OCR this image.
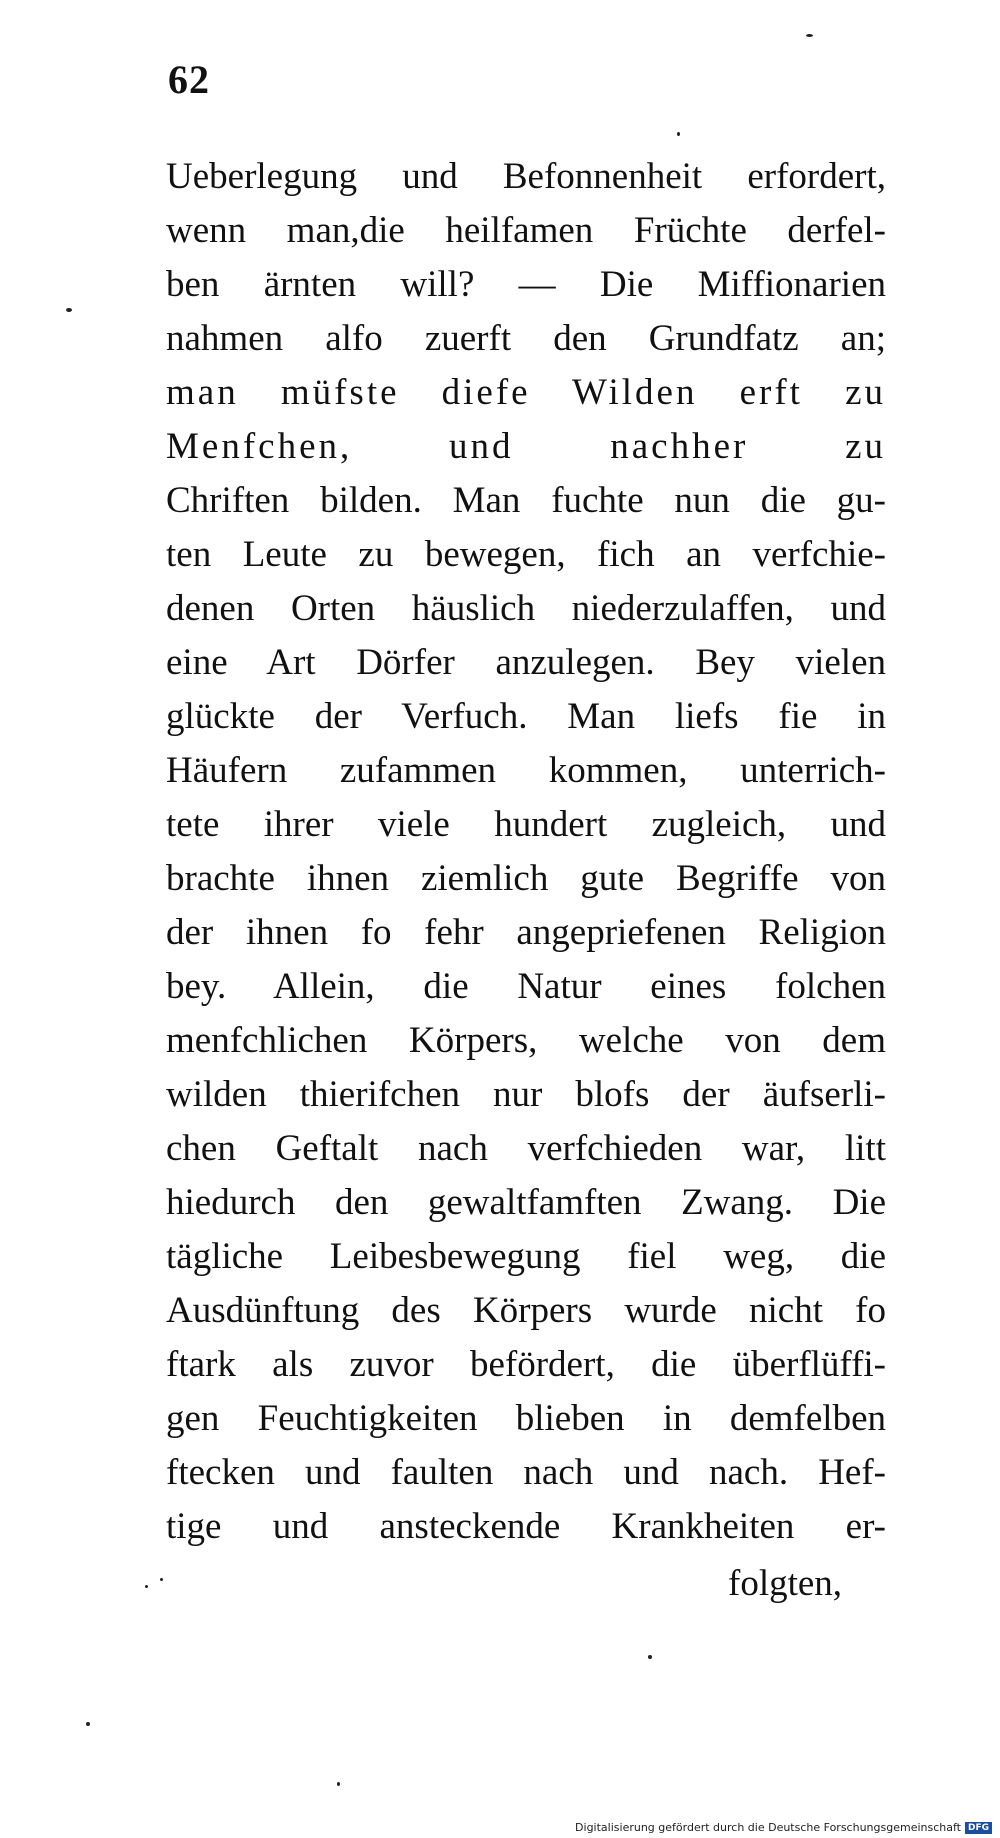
62
Ueberlegung und Befonnenheit erfordert,
wenn man,die heilfamen Früchte derfel-
ben ärnten will? — Die Miffionarien
nahmen alfo zuerft den Grundfatz an;
man müfste diefe Wilden erft zu
Menfchen, und nachher zu
Chriften bilden. Man fuchte nun die gu-
ten Leute zu bewegen, fich an verfchie-
denen Orten häuslich niederzulaffen, und
eine Art Dörfer anzulegen. Bey vielen
glückte der Verfuch. Man liefs fie in
Häufern zufammen kommen, unterrich-
tete ihrer viele hundert zugleich, und
brachte ihnen ziemlich gute Begriffe von
der ihnen fo fehr angepriefenen Religion
bey. Allein, die Natur eines folchen
menfchlichen Körpers, welche von dem
wilden thierifchen nur blofs der äufserli-
chen Geftalt nach verfchieden war, litt
hiedurch den gewaltfamften Zwang. Die
tägliche Leibesbewegung fiel weg, die
Ausdünftung des Körpers wurde nicht fo
ftark als zuvor befördert, die überflüffi-
gen Feuchtigkeiten blieben in demfelben
ftecken und faulten nach und nach. Hef-
tige und ansteckende Krankheiten er-
folgten,
Digitalisierung gefördert durch die Deutsche Forschungsgemeinschaft DFG
